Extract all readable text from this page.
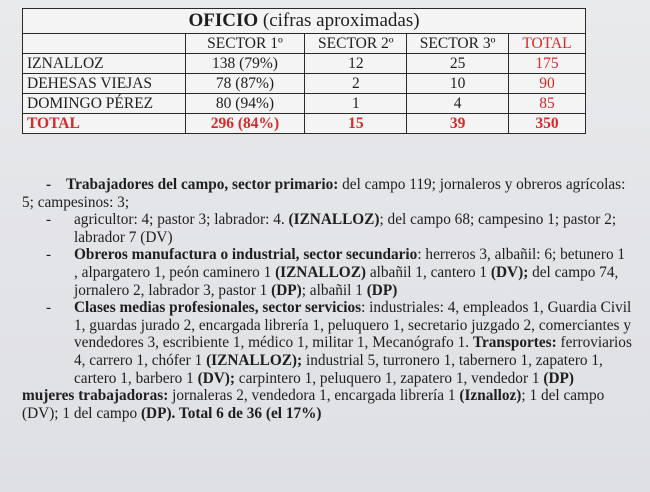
OFICIO (cifras aproximadas)				
	SECTOR 1º	SECTOR 2º	SECTOR 3º	TOTAL
IZNALLOZ	138 (79%)	12	25	175
DEHESAS VIEJAS	78 (87%)	2	10	90
DOMINGO PÉREZ	80 (94%)	1	4	85
TOTAL	296 (84%)	15	39	350

- Trabajadores del campo, sector primario: del campo 119; jornaleros y obreros agrícolas: 5; campesinos: 3;

- agricultor: 4; pastor 3; labrador: 4. (IZNALLOZ); del campo 68; campesino 1; pastor 2; labrador 7 (DV)

- Obreros manufactura o industrial, sector secundario: herreros 3, albañil: 6; betunero 1 , alpargatero 1, peón caminero 1 (IZNALLOZ) albañil 1, cantero 1 (DV); del campo 74, jornalero 2, labrador 3, pastor 1 (DP); albañil 1 (DP)

- Clases medias profesionales, sector servicios: industriales: 4, empleados 1, Guardia Civil 1, guardas jurado 2, encargada librería 1, peluquero 1, secretario juzgado 2, comerciantes y vendedores 3, escribiente 1, médico 1, militar 1, Mecanógrafo 1. Transportes: ferroviarios 4, carrero 1, chófer 1 (IZNALLOZ); industrial 5, turronero 1, tabernero 1, zapatero 1, cartero 1, barbero 1 (DV); carpintero 1, peluquero 1, zapatero 1, vendedor 1 (DP)

mujeres trabajadoras: jornaleras 2, vendedora 1, encargada librería 1 (Iznalloz); 1 del campo (DV); 1 del campo (DP). Total 6 de 36 (el 17%)
